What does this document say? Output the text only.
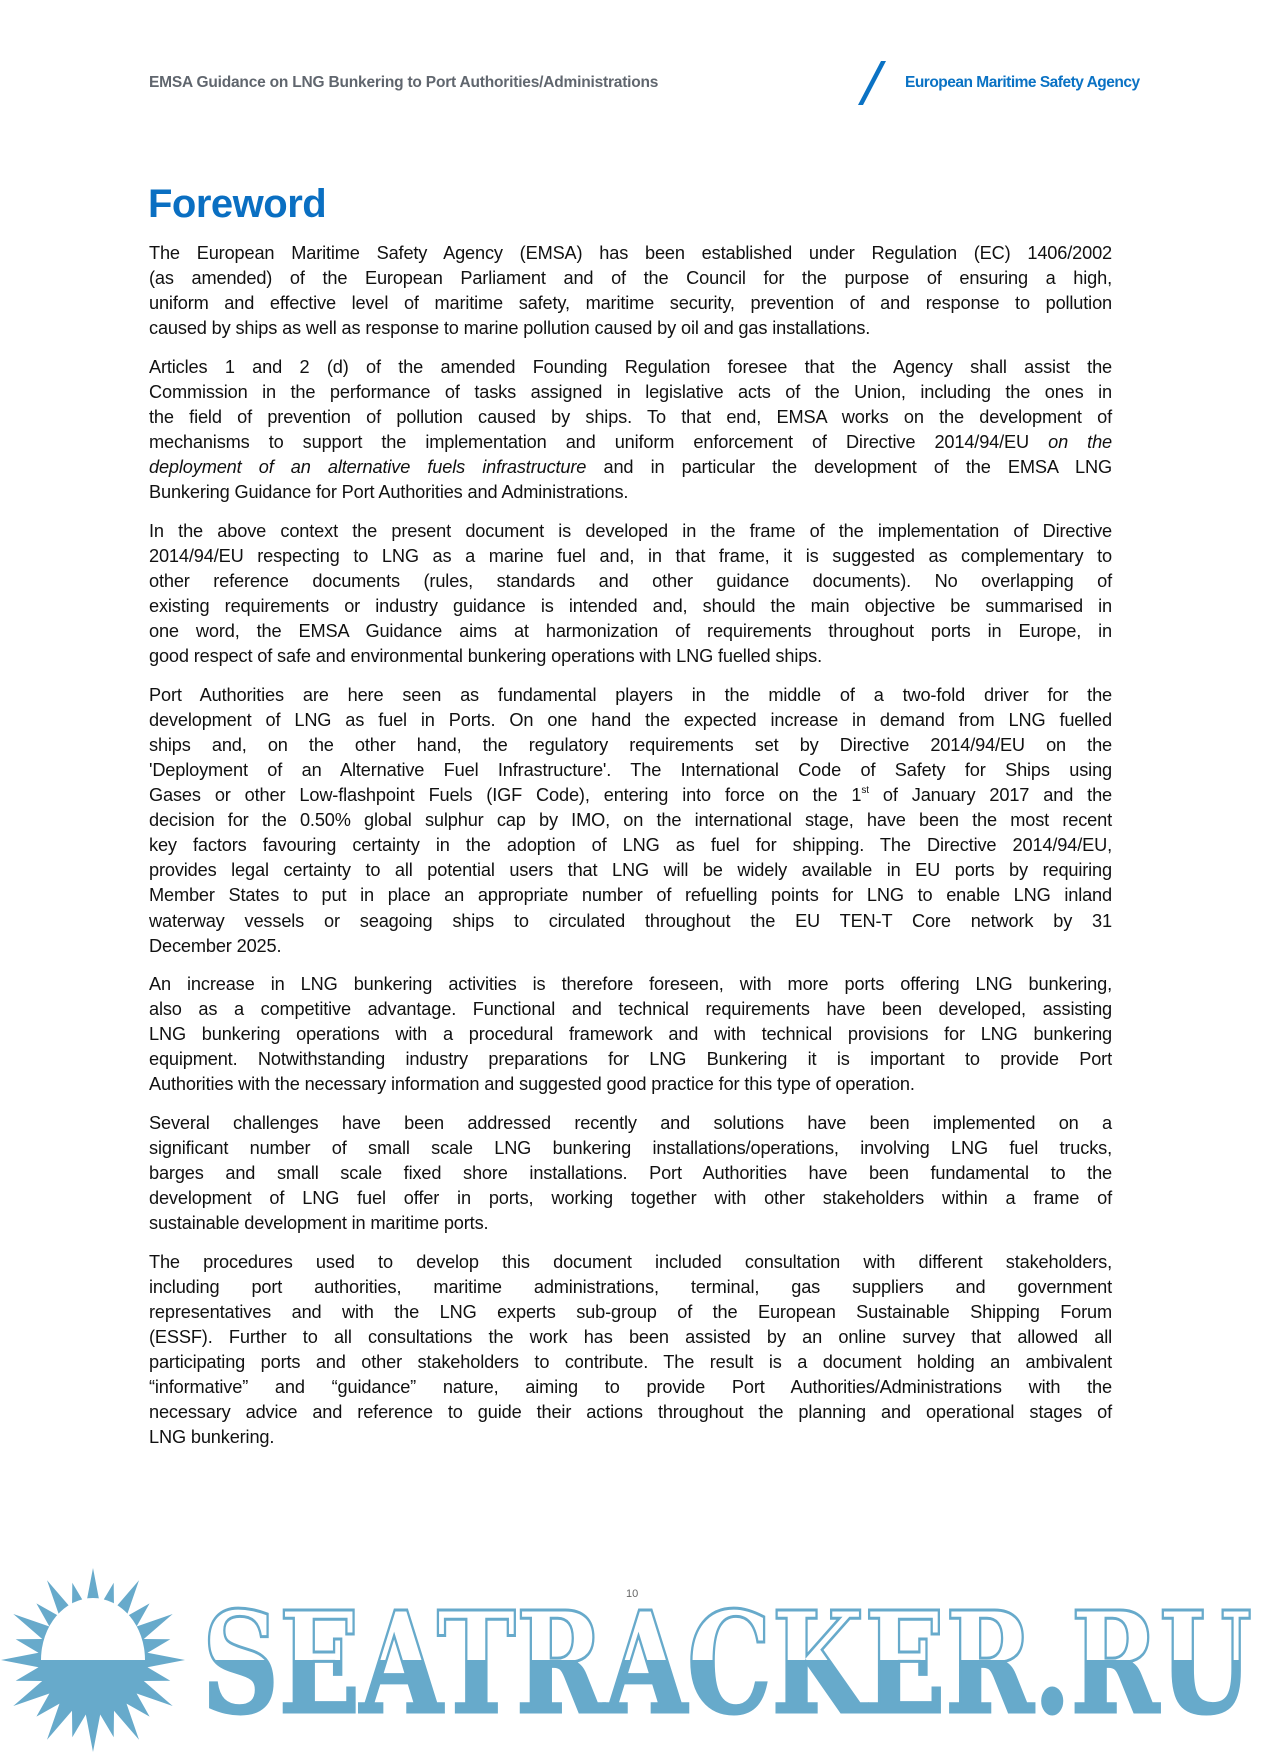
EMSA Guidance on LNG Bunkering to Port Authorities/Administrations	European Maritime Safety Agency
Foreword

The European Maritime Safety Agency (EMSA) has been established under Regulation (EC) 1406/2002
(as amended) of the European Parliament and of the Council for the purpose of ensuring a high,
uniform and effective level of maritime safety, maritime security, prevention of and response to pollution
caused by ships as well as response to marine pollution caused by oil and gas installations.

Articles 1 and 2 (d) of the amended Founding Regulation foresee that the Agency shall assist the
Commission in the performance of tasks assigned in legislative acts of the Union, including the ones in
the field of prevention of pollution caused by ships. To that end, EMSA works on the development of
mechanisms to support the implementation and uniform enforcement of Directive 2014/94/EU on the
deployment of an alternative fuels infrastructure and in particular the development of the EMSA LNG
Bunkering Guidance for Port Authorities and Administrations.

In the above context the present document is developed in the frame of the implementation of Directive
2014/94/EU respecting to LNG as a marine fuel and, in that frame, it is suggested as complementary to
other reference documents (rules, standards and other guidance documents). No overlapping of
existing requirements or industry guidance is intended and, should the main objective be summarised in
one word, the EMSA Guidance aims at harmonization of requirements throughout ports in Europe, in
good respect of safe and environmental bunkering operations with LNG fuelled ships.

Port Authorities are here seen as fundamental players in the middle of a two-fold driver for the
development of LNG as fuel in Ports. On one hand the expected increase in demand from LNG fuelled
ships and, on the other hand, the regulatory requirements set by Directive 2014/94/EU on the
'Deployment of an Alternative Fuel Infrastructure'. The International Code of Safety for Ships using
Gases or other Low-flashpoint Fuels (IGF Code), entering into force on the 1st of January 2017 and the
decision for the 0.50% global sulphur cap by IMO, on the international stage, have been the most recent
key factors favouring certainty in the adoption of LNG as fuel for shipping. The Directive 2014/94/EU,
provides legal certainty to all potential users that LNG will be widely available in EU ports by requiring
Member States to put in place an appropriate number of refuelling points for LNG to enable LNG inland
waterway vessels or seagoing ships to circulated throughout the EU TEN-T Core network by 31
December 2025.

An increase in LNG bunkering activities is therefore foreseen, with more ports offering LNG bunkering,
also as a competitive advantage. Functional and technical requirements have been developed, assisting
LNG bunkering operations with a procedural framework and with technical provisions for LNG bunkering
equipment. Notwithstanding industry preparations for LNG Bunkering it is important to provide Port
Authorities with the necessary information and suggested good practice for this type of operation.

Several challenges have been addressed recently and solutions have been implemented on a
significant number of small scale LNG bunkering installations/operations, involving LNG fuel trucks,
barges and small scale fixed shore installations. Port Authorities have been fundamental to the
development of LNG fuel offer in ports, working together with other stakeholders within a frame of
sustainable development in maritime ports.

The procedures used to develop this document included consultation with different stakeholders,
including port authorities, maritime administrations, terminal, gas suppliers and government
representatives and with the LNG experts sub-group of the European Sustainable Shipping Forum
(ESSF). Further to all consultations the work has been assisted by an online survey that allowed all
participating ports and other stakeholders to contribute. The result is a document holding an ambivalent
“informative” and “guidance” nature, aiming to provide Port Authorities/Administrations with the
necessary advice and reference to guide their actions throughout the planning and operational stages of
LNG bunkering.

SEATRACKER.RU
10
